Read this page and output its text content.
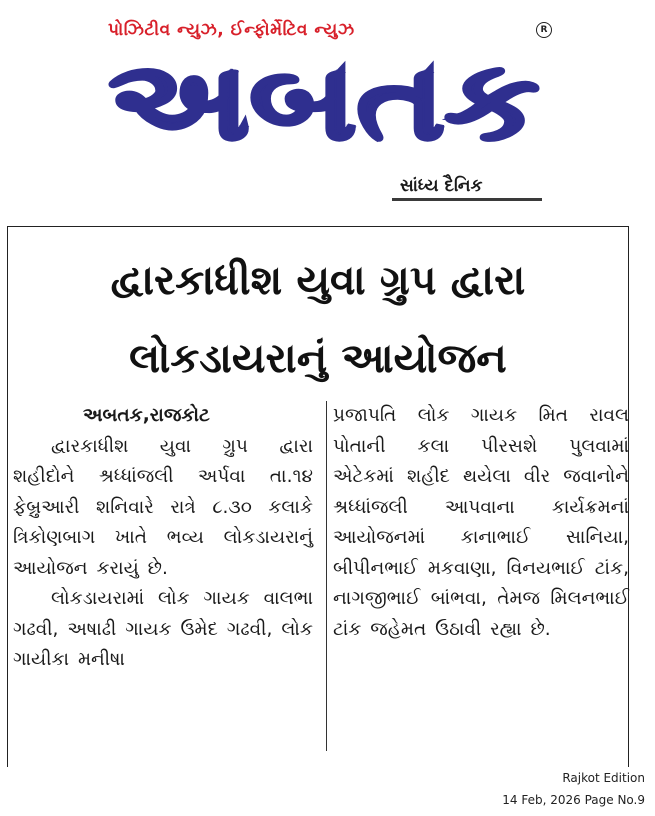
પોઝિટીવ ન્યુઝ, ઈન્ફોર્મેટિવ ન્યુઝ	R
અબતક
સાંધ્ય દૈનિક
દ્વારકાધીશ યુવા ગ્રુપ દ્વારા
લોકડાયરાનું આયોજન

અબતક,રાજકોટ

દ્વારકાધીશ યુવા ગ્રુપ દ્વારા શહીદોને શ્રધ્ધાંજલી અર્પવા તા.૧૪ ફેબ્રુઆરી શનિવારે રાત્રે ૮.૩૦ કલાકે ત્રિકોણબાગ ખાતે ભવ્ય લોકડાયરાનું આયોજન કરાયું છે.

લોકડાયરામાં લોક ગાયક વાલભા ગઢવી, અષાઢી ગાયક ઉમેદ ગઢવી, લોક ગાયીકા મનીષા

પ્રજાપતિ લોક ગાયક મિત રાવલ પોતાની કલા પીરસશે પુલવામાં એટેકમાં શહીદ થયેલા વીર જવાનોને શ્રધ્ધાંજલી આપવાના કાર્યક્રમનાં આયોજનમાં કાનાભાઈ સાનિયા, બીપીનભાઈ મકવાણા, વિનયભાઈ ટાંક, નાગજીભાઈ બાંભવા, તેમજ મિલનભાઈ ટાંક જહેમત ઉઠાવી રહ્યા છે.

Rajkot Edition
14 Feb, 2026 Page No.9
